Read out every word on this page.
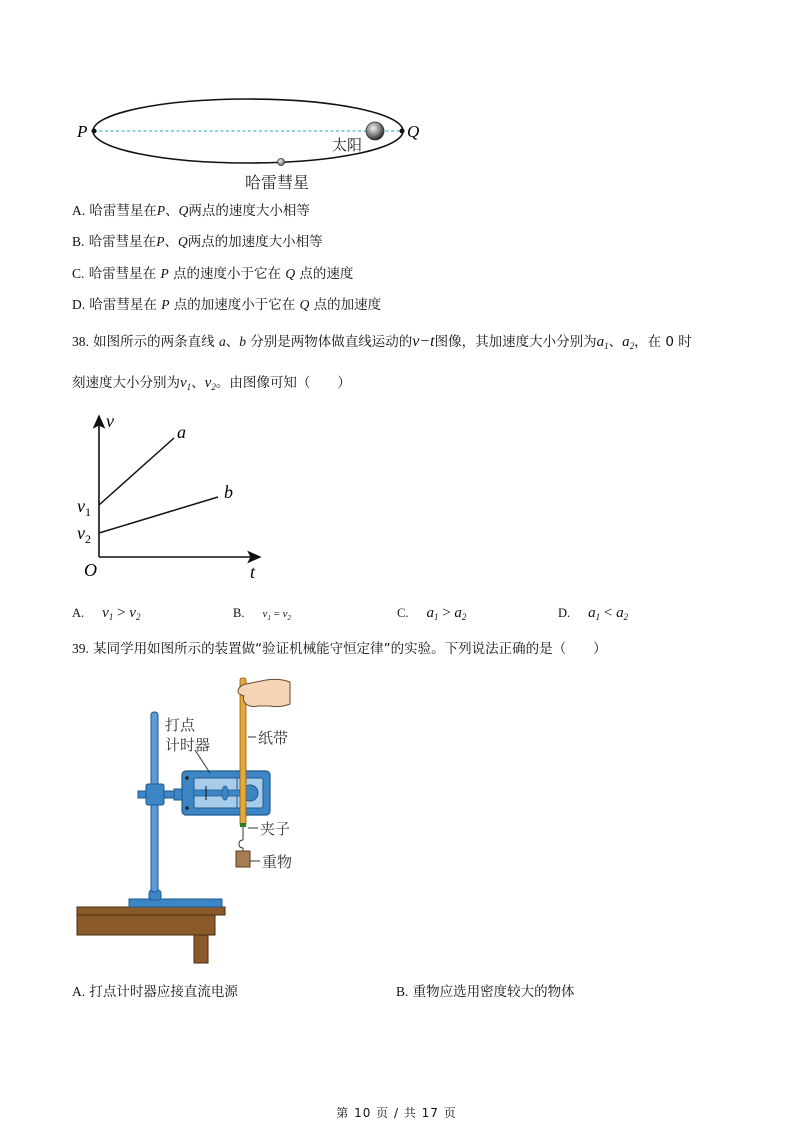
P	Q
太阳
哈雷彗星
A. 哈雷彗星在P、Q两点的速度大小相等
B. 哈雷彗星在P、Q两点的加速度大小相等
C. 哈雷彗星在 P 点的速度小于它在 Q 点的速度
D. 哈雷彗星在 P 点的加速度小于它在 Q 点的加速度
38. 如图所示的两条直线 a、b 分别是两物体做直线运动的v−t图像，其加速度大小分别为$a_1$、$a_2$，在 0 时
刻速度大小分别为$v_1$、$v_2$。由图像可知（　　）
v
t
O
a
b
$v_1$
$v_2$
A. $v_1 > v_2$	B. $v_1 = v_2$	C. $a_1 > a_2$	D. $a_1 < a_2$
39. 某同学用如图所示的装置做“验证机械能守恒定律”的实验。下列说法正确的是（　　）
打点
计时器	纸带
夹子
重物
A. 打点计时器应接直流电源	B. 重物应选用密度较大的物体
第 10 页 / 共 17 页
